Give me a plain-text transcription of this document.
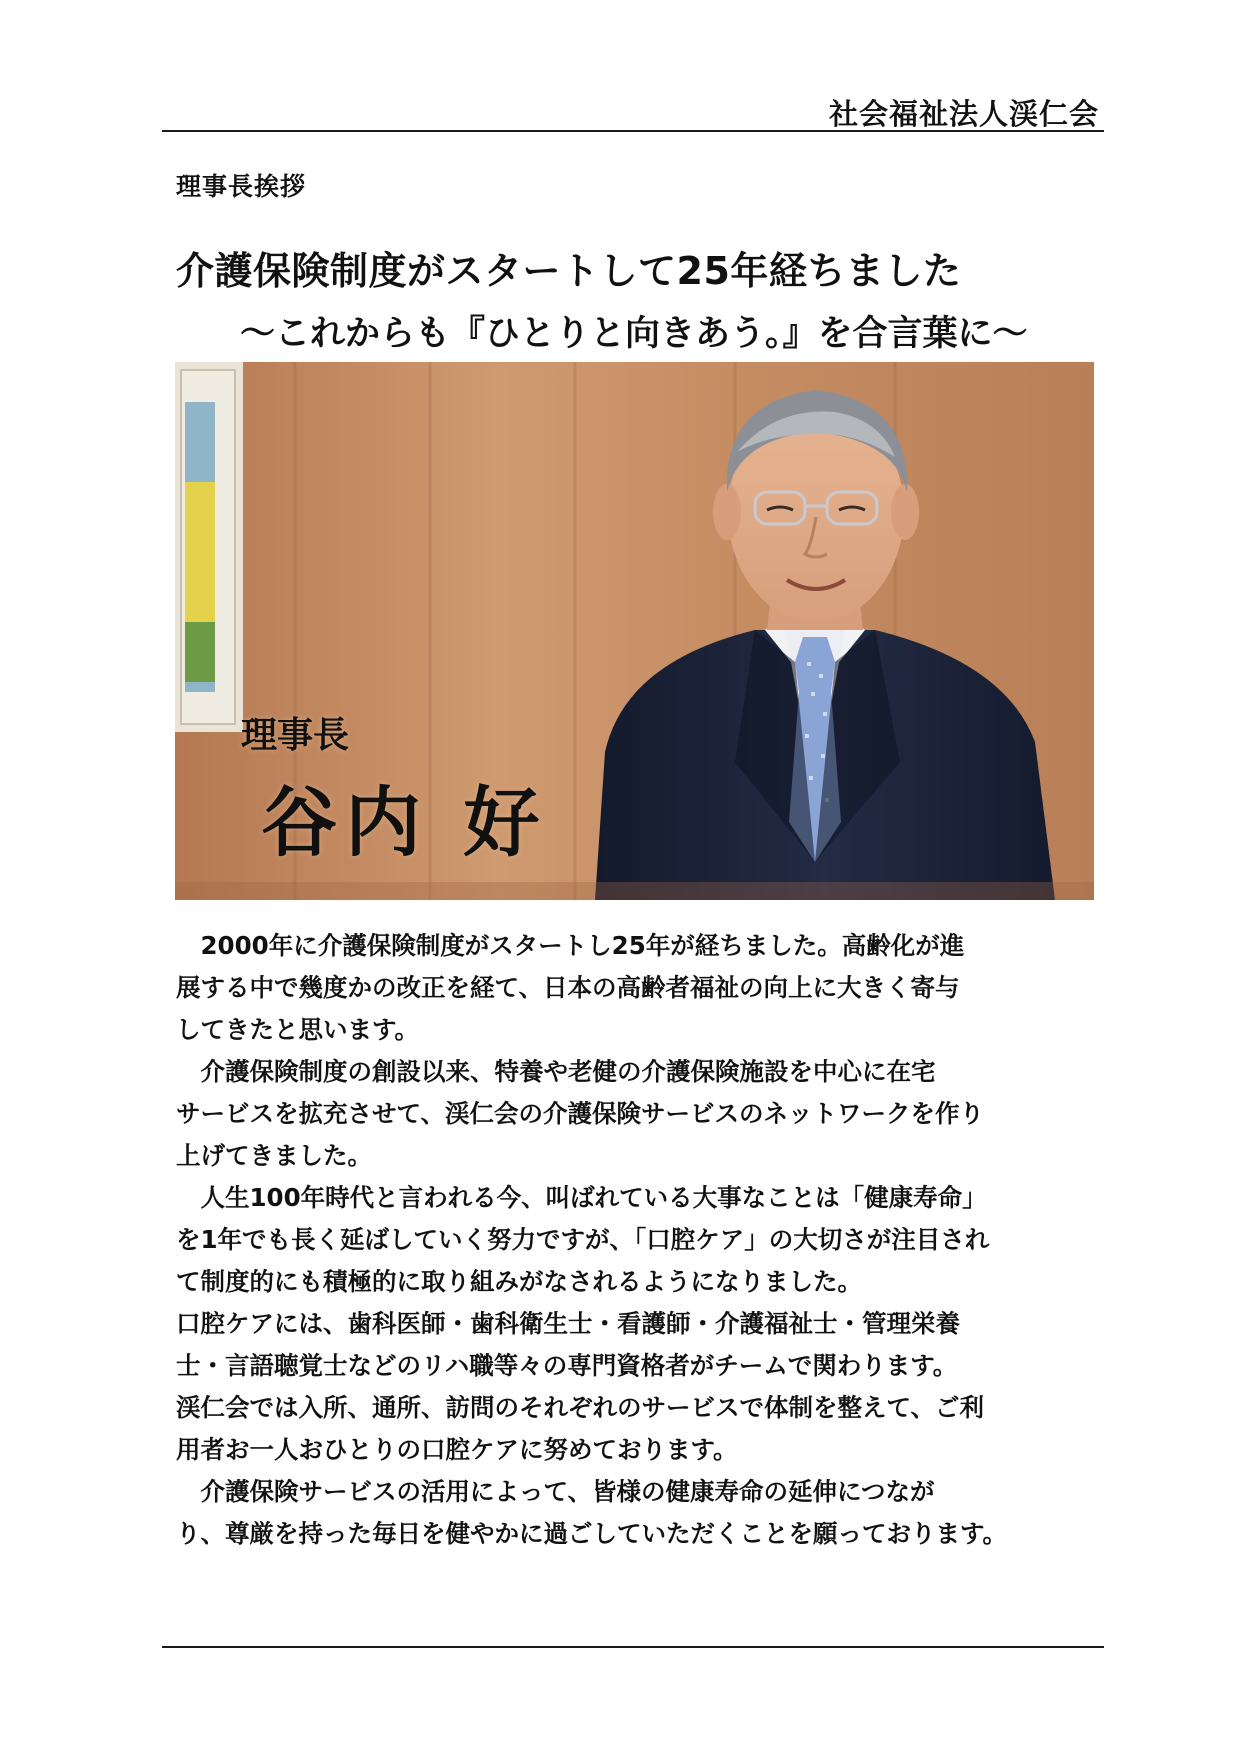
社会福祉法人渓仁会
理事長挨拶
介護保険制度がスタートして25年経ちました
～これからも『ひとりと向きあう。』を合言葉に～
理事長
谷内 好

　2000年に介護保険制度がスタートし25年が経ちました。高齢化が進
展する中で幾度かの改正を経て、日本の高齢者福祉の向上に大きく寄与
してきたと思います。

　介護保険制度の創設以来、特養や老健の介護保険施設を中心に在宅
サービスを拡充させて、渓仁会の介護保険サービスのネットワークを作り
上げてきました。

　人生100年時代と言われる今、叫ばれている大事なことは「健康寿命」
を1年でも長く延ばしていく努力ですが、「口腔ケア」の大切さが注目され
て制度的にも積極的に取り組みがなされるようになりました。

口腔ケアには、歯科医師・歯科衛生士・看護師・介護福祉士・管理栄養
士・言語聴覚士などのリハ職等々の専門資格者がチームで関わります。
渓仁会では入所、通所、訪問のそれぞれのサービスで体制を整えて、ご利
用者お一人おひとりの口腔ケアに努めております。

　介護保険サービスの活用によって、皆様の健康寿命の延伸につなが
り、尊厳を持った毎日を健やかに過ごしていただくことを願っております。
